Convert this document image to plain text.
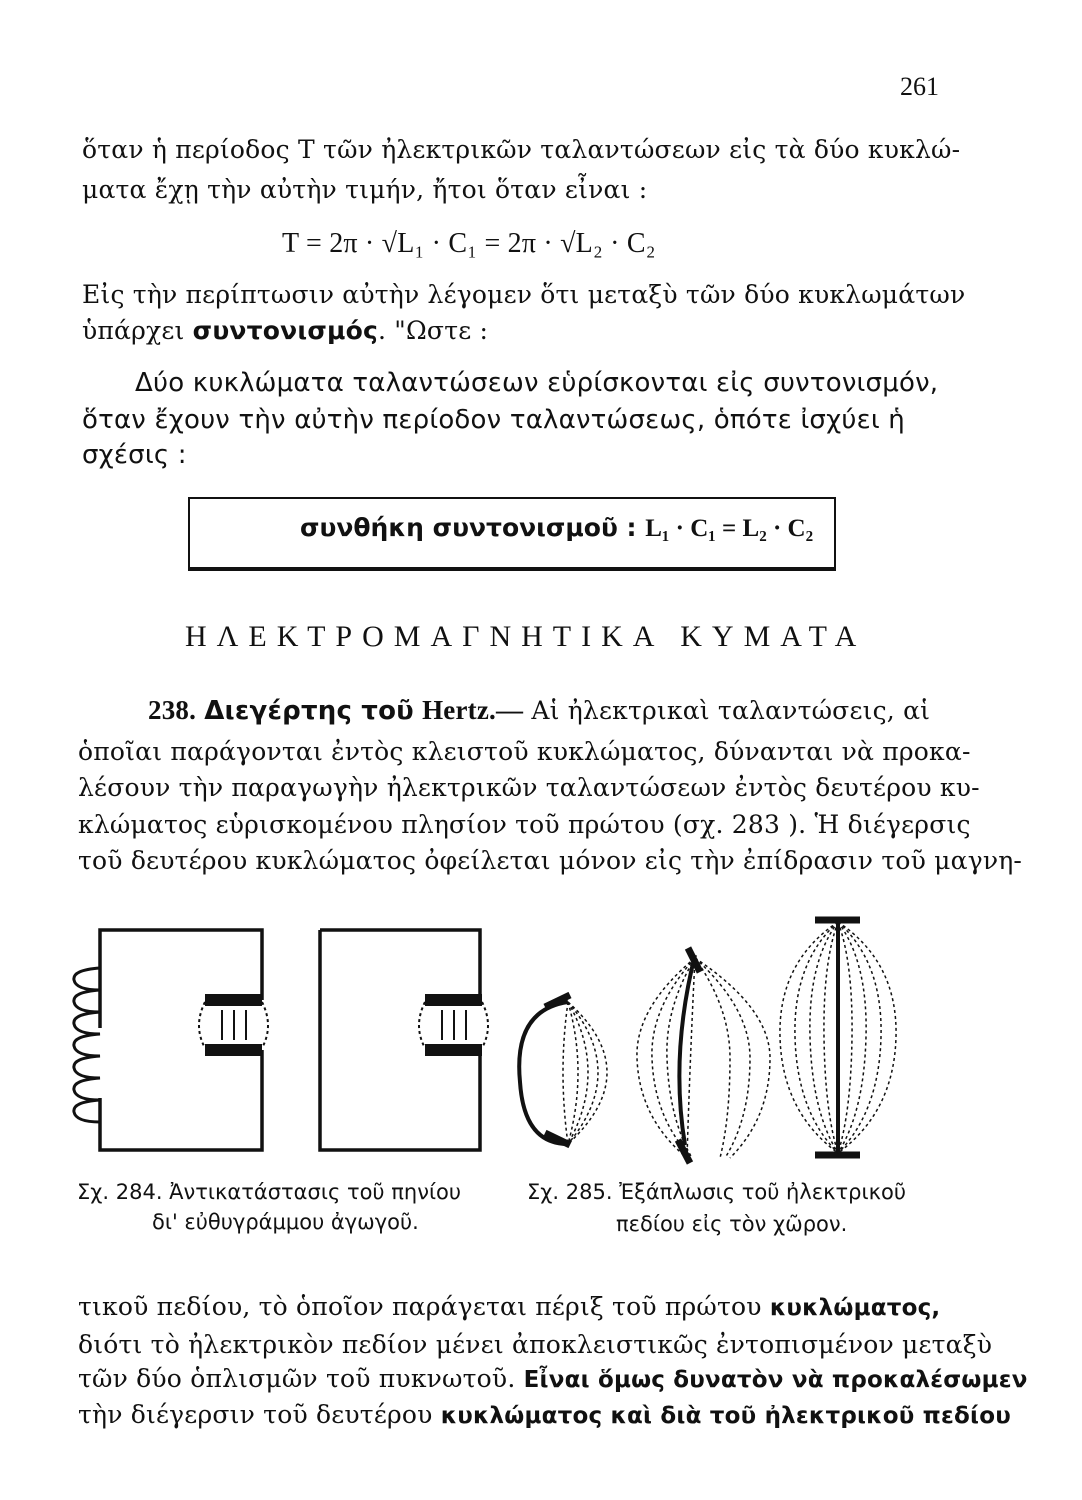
261
ὅταν ἡ περίοδος Τ τῶν ἠλεκτρικῶν ταλαντώσεων εἰς τὰ δύο κυκλώ-
ματα ἔχῃ τὴν αὐτὴν τιμήν, ἤτοι ὅταν εἶναι :
Τ = 2π · √L₁ · C₁ = 2π · √L₂ · C₂
Εἰς τὴν περίπτωσιν αὐτὴν λέγομεν ὅτι μεταξὺ τῶν δύο κυκλωμάτων
ὑπάρχει συντονισμός. "Ωστε :
Δύο κυκλώματα ταλαντώσεων εὑρίσκονται εἰς συντονισμόν,
ὅταν ἔχουν τὴν αὐτὴν περίοδον ταλαντώσεως, ὁπότε ἰσχύει ἡ
σχέσις :
συνθήκη συντονισμοῦ : L₁ · C₁ = L₂ · C₂
ΗΛΕΚΤΡΟΜΑΓΝΗΤΙΚΑ ΚΥΜΑΤΑ
238. Διεγέρτης τοῦ Hertz.— Αἱ ἠλεκτρικαὶ ταλαντώσεις, αἱ
ὁποῖαι παράγονται ἐντὸς κλειστοῦ κυκλώματος, δύνανται νὰ προκα-
λέσουν τὴν παραγωγὴν ἠλεκτρικῶν ταλαντώσεων ἐντὸς δευτέρου κυ-
κλώματος εὑρισκομένου πλησίον τοῦ πρώτου (σχ. 283 ). Ἡ διέγερσις
τοῦ δευτέρου κυκλώματος ὀφείλεται μόνον εἰς τὴν ἐπίδρασιν τοῦ μαγνη-
Σχ. 284. Ἀντικατάστασις τοῦ πηνίου
δι' εὐθυγράμμου ἀγωγοῦ.
Σχ. 285. Ἐξάπλωσις τοῦ ἠλεκτρικοῦ
πεδίου εἰς τὸν χῶρον.
τικοῦ πεδίου, τὸ ὁποῖον παράγεται πέριξ τοῦ πρώτου κυκλώματος,
διότι τὸ ἠλεκτρικὸν πεδίον μένει ἀποκλειστικῶς ἐντοπισμένον μεταξὺ
τῶν δύο ὁπλισμῶν τοῦ πυκνωτοῦ. Εἶναι ὅμως δυνατὸν νὰ προκαλέσωμεν
τὴν διέγερσιν τοῦ δευτέρου κυκλώματος καὶ διὰ τοῦ ἠλεκτρικοῦ πεδίου
